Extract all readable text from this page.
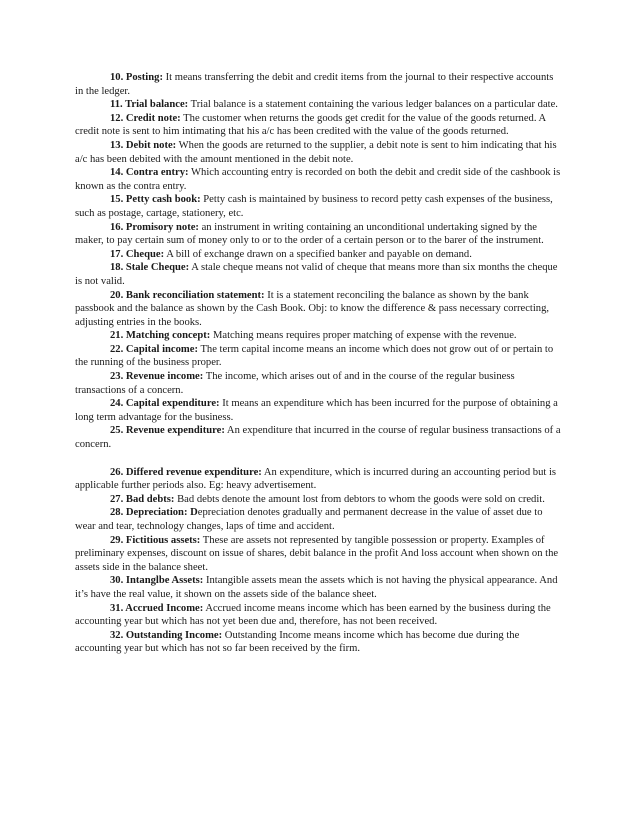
10. Posting: It means transferring the debit and credit items from the journal to their respective accounts in the ledger.

11. Trial balance: Trial balance is a statement containing the various ledger balances on a particular date.

12. Credit note: The customer when returns the goods get credit for the value of the goods returned. A credit note is sent to him intimating that his a/c has been credited with the value of the goods returned.

13. Debit note: When the goods are returned to the supplier, a debit note is sent to him indicating that his a/c has been debited with the amount mentioned in the debit note.

14. Contra entry: Which accounting entry is recorded on both the debit and credit side of the cashbook is known as the contra entry.

15. Petty cash book: Petty cash is maintained by business to record petty cash expenses of the business, such as postage, cartage, stationery, etc.

16. Promisory note: an instrument in writing containing an unconditional undertaking signed by the maker, to pay certain sum of money only to or to the order of a certain person or to the barer of the instrument.

17. Cheque: A bill of exchange drawn on a specified banker and payable on demand.

18. Stale Cheque: A stale cheque means not valid of cheque that means more than six months the cheque is not valid.

20. Bank reconciliation statement: It is a statement reconciling the balance as shown by the bank passbook and the balance as shown by the Cash Book. Obj: to know the difference & pass necessary correcting, adjusting entries in the books.

21. Matching concept: Matching means requires proper matching of expense with the revenue.

22. Capital income: The term capital income means an income which does not grow out of or pertain to the running of the business proper.

23. Revenue income: The income, which arises out of and in the course of the regular business transactions of a concern.

24. Capital expenditure: It means an expenditure which has been incurred for the purpose of obtaining a long term advantage for the business.

25. Revenue expenditure: An expenditure that incurred in the course of regular business transactions of a concern.

26. Differed revenue expenditure: An expenditure, which is incurred during an accounting period but is applicable further periods also. Eg: heavy advertisement.

27. Bad debts: Bad debts denote the amount lost from debtors to whom the goods were sold on credit.

28. Depreciation: Depreciation denotes gradually and permanent decrease in the value of asset due to wear and tear, technology changes, laps of time and accident.

29. Fictitious assets: These are assets not represented by tangible possession or property. Examples of preliminary expenses, discount on issue of shares, debit balance in the profit And loss account when shown on the assets side in the balance sheet.

30. Intanglbe Assets: Intangible assets mean the assets which is not having the physical appearance. And it’s have the real value, it shown on the assets side of the balance sheet.

31. Accrued Income: Accrued income means income which has been earned by the business during the accounting year but which has not yet been due and, therefore, has not been received.

32. Outstanding Income: Outstanding Income means income which has become due during the accounting year but which has not so far been received by the firm.
